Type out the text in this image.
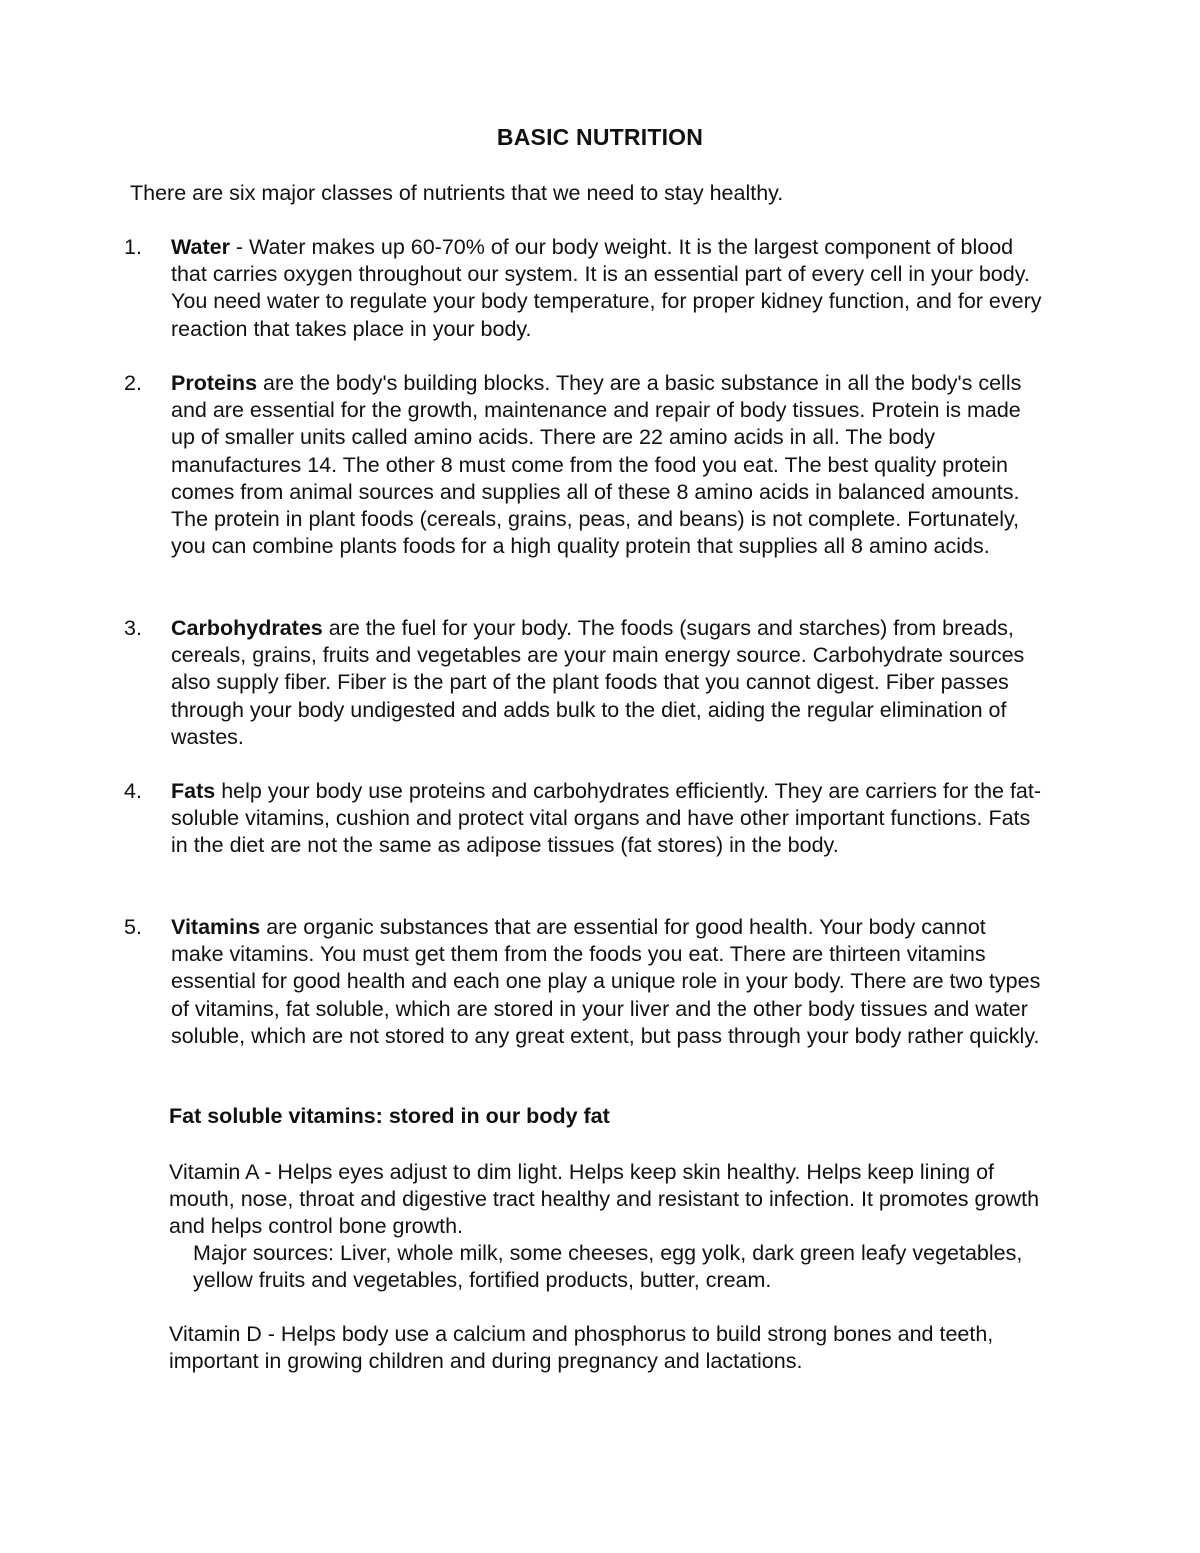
BASIC NUTRITION

There are six major classes of nutrients that we need to stay healthy.

1. Water - Water makes up 60-70% of our body weight. It is the largest component of blood that carries oxygen throughout our system. It is an essential part of every cell in your body. You need water to regulate your body temperature, for proper kidney function, and for every reaction that takes place in your body.
2. Proteins are the body's building blocks. They are a basic substance in all the body's cells and are essential for the growth, maintenance and repair of body tissues. Protein is made up of smaller units called amino acids. There are 22 amino acids in all. The body manufactures 14. The other 8 must come from the food you eat. The best quality protein comes from animal sources and supplies all of these 8 amino acids in balanced amounts. The protein in plant foods (cereals, grains, peas, and beans) is not complete. Fortunately, you can combine plants foods for a high quality protein that supplies all 8 amino acids.
3. Carbohydrates are the fuel for your body. The foods (sugars and starches) from breads, cereals, grains, fruits and vegetables are your main energy source. Carbohydrate sources also supply fiber. Fiber is the part of the plant foods that you cannot digest. Fiber passes through your body undigested and adds bulk to the diet, aiding the regular elimination of wastes.
4. Fats help your body use proteins and carbohydrates efficiently. They are carriers for the fat-soluble vitamins, cushion and protect vital organs and have other important functions. Fats in the diet are not the same as adipose tissues (fat stores) in the body.
5. Vitamins are organic substances that are essential for good health. Your body cannot make vitamins. You must get them from the foods you eat. There are thirteen vitamins essential for good health and each one play a unique role in your body. There are two types of vitamins, fat soluble, which are stored in your liver and the other body tissues and water soluble, which are not stored to any great extent, but pass through your body rather quickly.
Fat soluble vitamins: stored in our body fat
Vitamin A - Helps eyes adjust to dim light. Helps keep skin healthy. Helps keep lining of mouth, nose, throat and digestive tract healthy and resistant to infection. It promotes growth and helps control bone growth.
Major sources: Liver, whole milk, some cheeses, egg yolk, dark green leafy vegetables, yellow fruits and vegetables, fortified products, butter, cream.
Vitamin D - Helps body use a calcium and phosphorus to build strong bones and teeth, important in growing children and during pregnancy and lactations.
